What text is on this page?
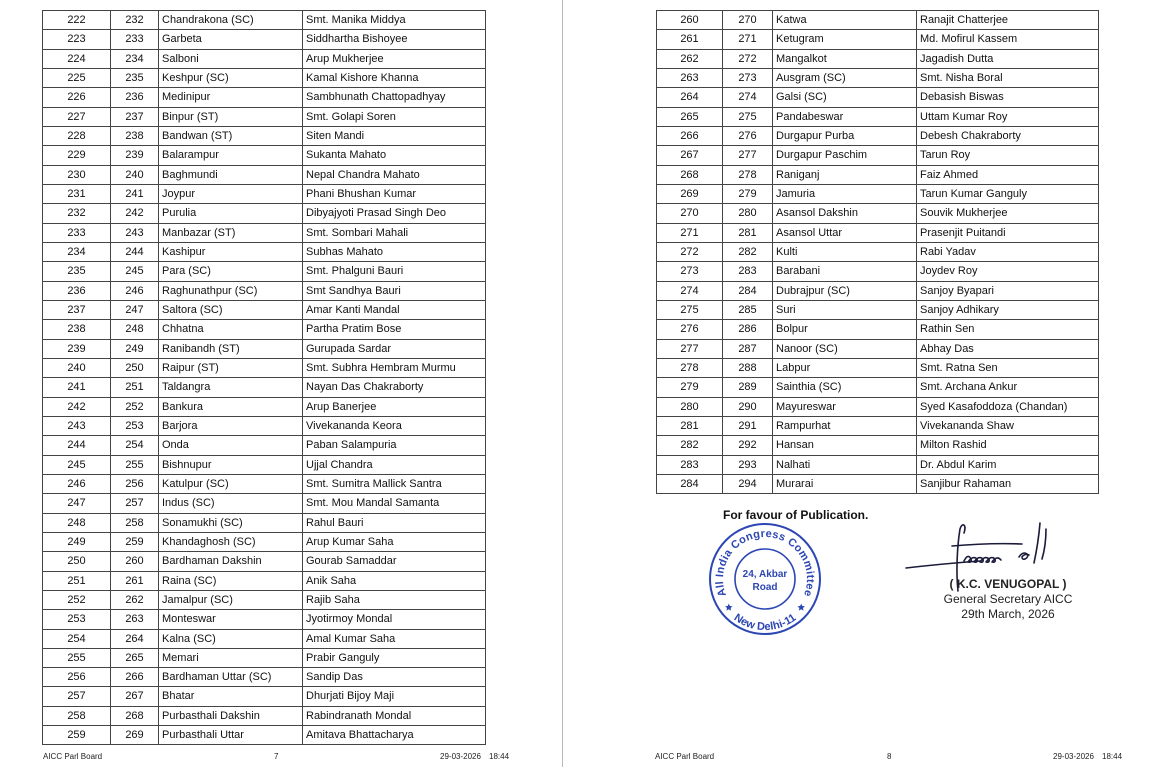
222	232	Chandrakona (SC)	Smt. Manika Middya
223	233	Garbeta	Siddhartha Bishoyee
224	234	Salboni	Arup Mukherjee
225	235	Keshpur (SC)	Kamal Kishore Khanna
226	236	Medinipur	Sambhunath Chattopadhyay
227	237	Binpur (ST)	Smt. Golapi Soren
228	238	Bandwan (ST)	Siten Mandi
229	239	Balarampur	Sukanta Mahato
230	240	Baghmundi	Nepal Chandra Mahato
231	241	Joypur	Phani Bhushan Kumar
232	242	Purulia	Dibyajyoti Prasad Singh Deo
233	243	Manbazar (ST)	Smt. Sombari Mahali
234	244	Kashipur	Subhas Mahato
235	245	Para (SC)	Smt. Phalguni Bauri
236	246	Raghunathpur (SC)	Smt Sandhya Bauri
237	247	Saltora (SC)	Amar Kanti Mandal
238	248	Chhatna	Partha Pratim Bose
239	249	Ranibandh (ST)	Gurupada Sardar
240	250	Raipur (ST)	Smt. Subhra Hembram Murmu
241	251	Taldangra	Nayan Das Chakraborty
242	252	Bankura	Arup Banerjee
243	253	Barjora	Vivekananda Keora
244	254	Onda	Paban Salampuria
245	255	Bishnupur	Ujjal Chandra
246	256	Katulpur (SC)	Smt. Sumitra Mallick Santra
247	257	Indus (SC)	Smt. Mou Mandal Samanta
248	258	Sonamukhi (SC)	Rahul Bauri
249	259	Khandaghosh (SC)	Arup Kumar Saha
250	260	Bardhaman Dakshin	Gourab Samaddar
251	261	Raina (SC)	Anik Saha
252	262	Jamalpur (SC)	Rajib Saha
253	263	Monteswar	Jyotirmoy Mondal
254	264	Kalna (SC)	Amal Kumar Saha
255	265	Memari	Prabir Ganguly
256	266	Bardhaman Uttar (SC)	Sandip Das
257	267	Bhatar	Dhurjati Bijoy Maji
258	268	Purbasthali Dakshin	Rabindranath Mondal
259	269	Purbasthali Uttar	Amitava Bhattacharya
AICC Parl Board	7	29-03-2026 18:44
260	270	Katwa	Ranajit Chatterjee
261	271	Ketugram	Md. Mofirul Kassem
262	272	Mangalkot	Jagadish Dutta
263	273	Ausgram (SC)	Smt. Nisha Boral
264	274	Galsi (SC)	Debasish Biswas
265	275	Pandabeswar	Uttam Kumar Roy
266	276	Durgapur Purba	Debesh Chakraborty
267	277	Durgapur Paschim	Tarun Roy
268	278	Raniganj	Faiz Ahmed
269	279	Jamuria	Tarun Kumar Ganguly
270	280	Asansol Dakshin	Souvik Mukherjee
271	281	Asansol Uttar	Prasenjit Puitandi
272	282	Kulti	Rabi Yadav
273	283	Barabani	Joydev Roy
274	284	Dubrajpur (SC)	Sanjoy Byapari
275	285	Suri	Sanjoy Adhikary
276	286	Bolpur	Rathin Sen
277	287	Nanoor (SC)	Abhay Das
278	288	Labpur	Smt. Ratna Sen
279	289	Sainthia (SC)	Smt. Archana Ankur
280	290	Mayureswar	Syed Kasafoddoza (Chandan)
281	291	Rampurhat	Vivekananda Shaw
282	292	Hansan	Milton Rashid
283	293	Nalhati	Dr. Abdul Karim
284	294	Murarai	Sanjibur Rahaman
AICC Parl Board	8	29-03-2026 18:44
For favour of Publication.
All India Congress Committee
New Delhi-11
24, Akbar
Road	( K.C. VENUGOPAL )
General Secretary AICC
29th March, 2026
